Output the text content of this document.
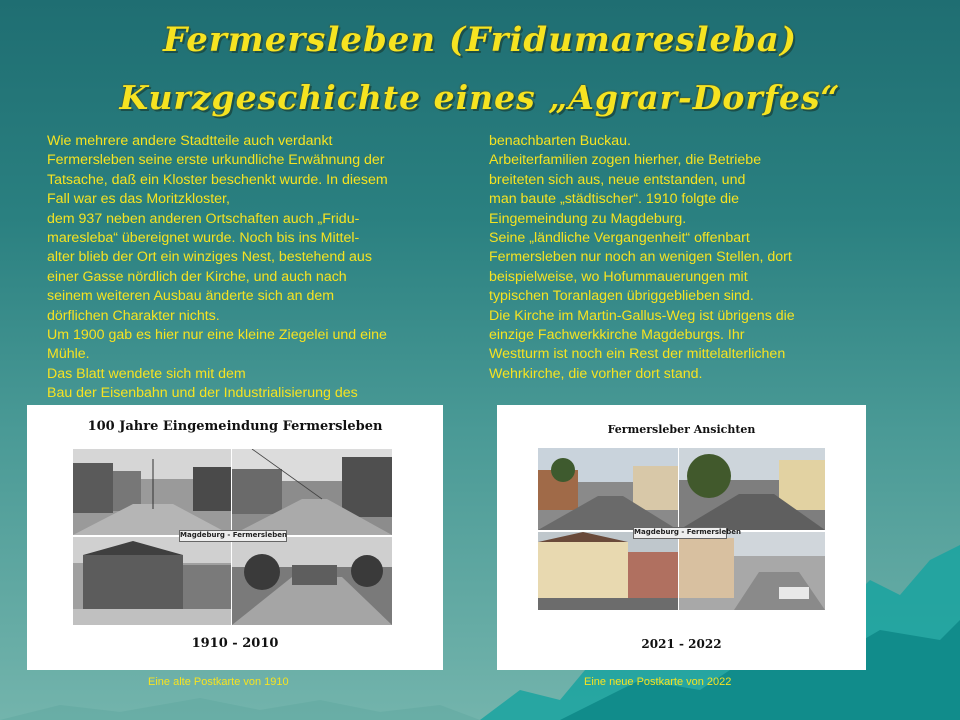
Fermersleben (Fridumaresleba)
Kurzgeschichte eines „Agrar-Dorfes“
Wie mehrere andere Stadtteile auch verdankt
Fermersleben seine erste urkundliche Erwähnung der
Tatsache, daß ein Kloster beschenkt wurde. In diesem
Fall war es das Moritzkloster,
dem 937 neben anderen Ortschaften auch „Fridu-
maresleba“ übereignet wurde. Noch bis ins Mittel-
alter blieb der Ort ein winziges Nest, bestehend aus
einer Gasse nördlich der Kirche, und auch nach
seinem weiteren Ausbau änderte sich an dem
dörflichen Charakter nichts.
Um 1900 gab es hier nur eine kleine Ziegelei und eine
Mühle.
Das Blatt wendete sich mit dem
Bau der Eisenbahn und der Industrialisierung des
benachbarten Buckau.
Arbeiterfamilien zogen hierher, die Betriebe
breiteten sich aus, neue entstanden, und
man baute „städtischer“. 1910 folgte die
Eingemeindung zu Magdeburg.
Seine „ländliche Vergangenheit“ offenbart
Fermersleben nur noch an wenigen Stellen, dort
beispielweise, wo Hofummauerungen mit
typischen Toranlagen übriggeblieben sind.
Die Kirche im Martin-Gallus-Weg ist übrigens die
einzige Fachwerkkirche Magdeburgs. Ihr
Westturm ist noch ein Rest der mittelalterlichen
Wehrkirche, die vorher dort stand.
100 Jahre Eingemeindung Fermersleben
Magdeburg - Fermersleben
1910 - 2010
Fermersleber Ansichten
Magdeburg - Fermersleben
2021 - 2022
Eine alte Postkarte von 1910	Eine neue Postkarte von 2022
